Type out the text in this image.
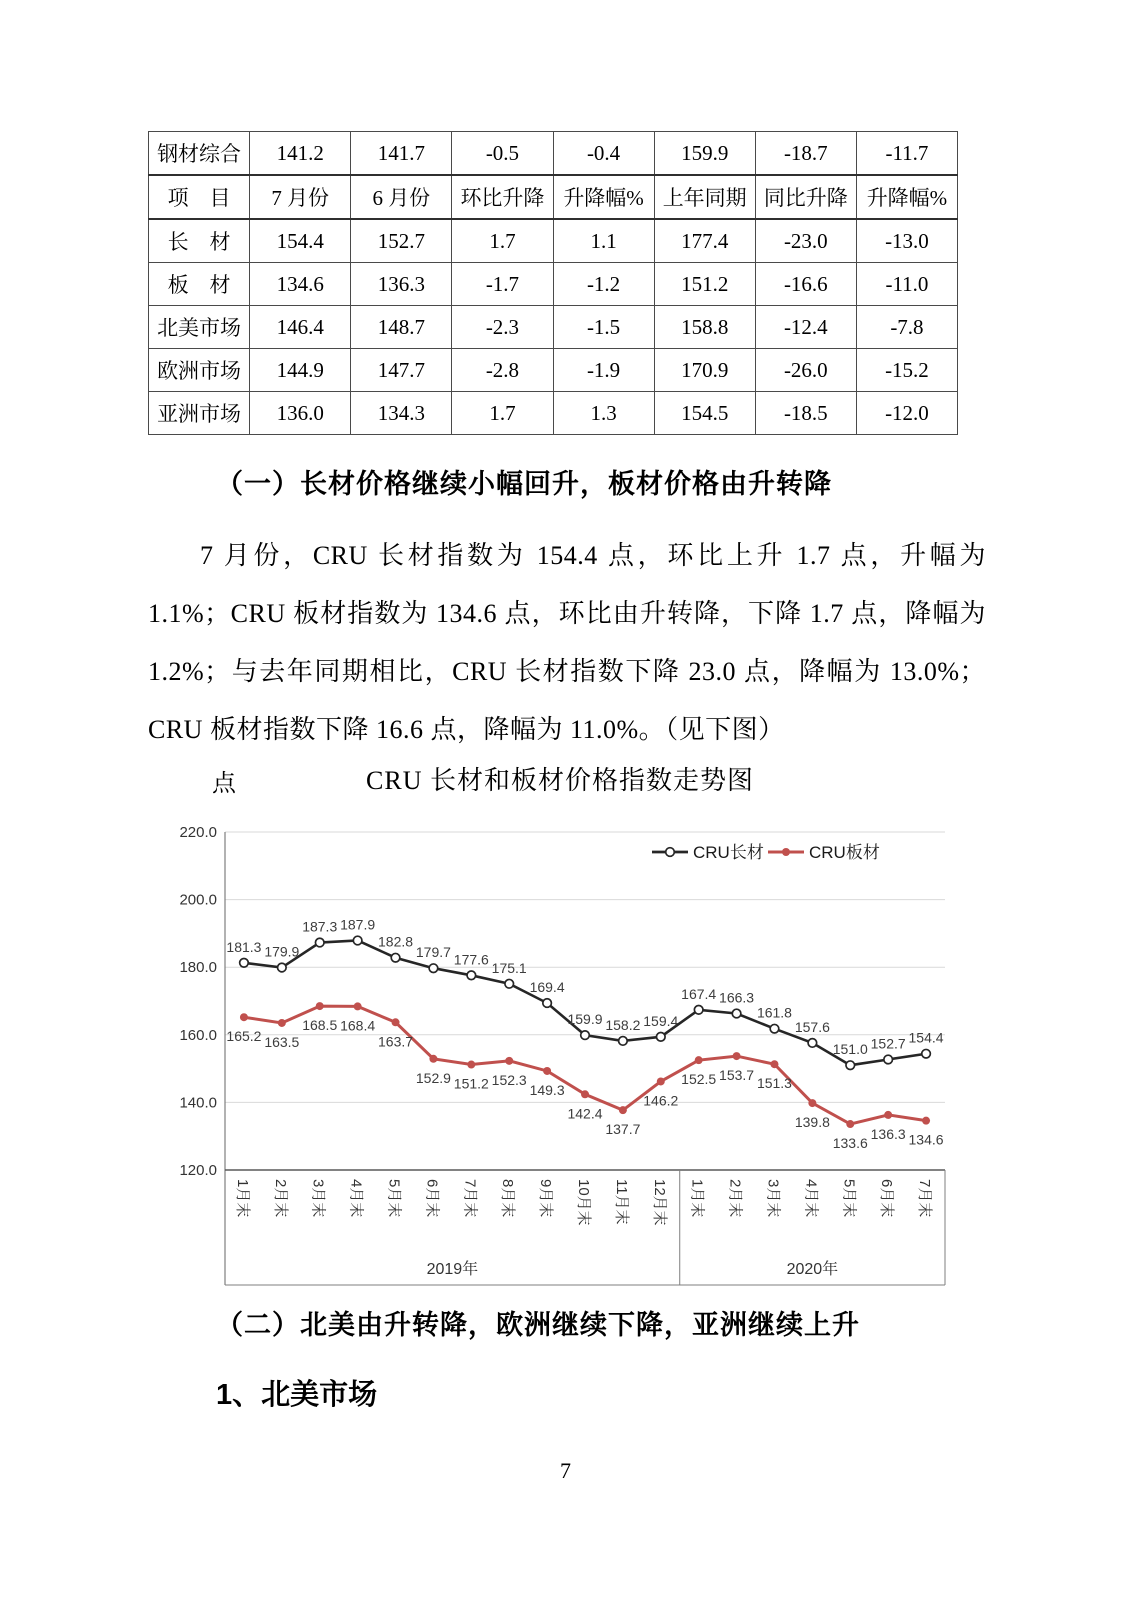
钢材综合	141.2	141.7	-0.5	-0.4	159.9	-18.7	-11.7
项　目	7 月份	6 月份	环比升降	升降幅%	上年同期	同比升降	升降幅%
长　材	154.4	152.7	1.7	1.1	177.4	-23.0	-13.0
板　材	134.6	136.3	-1.7	-1.2	151.2	-16.6	-11.0
北美市场	146.4	148.7	-2.3	-1.5	158.8	-12.4	-7.8
欧洲市场	144.9	147.7	-2.8	-1.9	170.9	-26.0	-15.2
亚洲市场	136.0	134.3	1.7	1.3	154.5	-18.5	-12.0
（一）长材价格继续小幅回升，板材价格由升转降

7 月份，CRU 长材指数为 154.4 点，环比上升 1.7 点，升幅为 1.1%；CRU 板材指数为 134.6 点，环比由升转降，下降 1.7 点，降幅为 1.2%；与去年同期相比，CRU 长材指数下降 23.0 点，降幅为 13.0%；CRU 板材指数下降 16.6 点，降幅为 11.0%。（见下图）

点	CRU 长材和板材价格指数走势图
220.0
200.0
180.0
160.0
140.0
120.0
1月末 2月末 3月末 4月末 5月末 6月末 7月末 8月末 9月末 10月末 11月末 12月末 1月末 2月末 3月末 4月末 5月末 6月末 7月末
2019年	2020年
181.3 179.9
187.3 187.9
182.8
179.7 177.6
175.1
169.4
159.9 158.2 159.4
167.4 166.3
161.8
157.6
151.0 152.7 154.4
165.2 163.5
168.5 168.4
163.7
152.9 151.2 152.3
149.3
142.4
137.7
146.2
152.5 153.7
151.3
139.8
133.6
136.3 134.6
CRU长材	CRU板材
（二）北美由升转降，欧洲继续下降，亚洲继续上升
1、北美市场
7
